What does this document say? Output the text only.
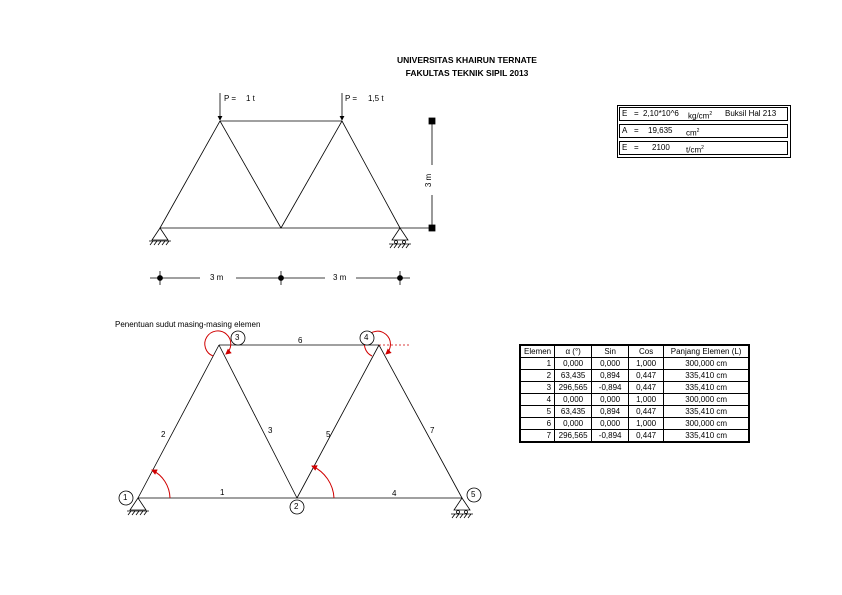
UNIVERSITAS KHAIRUN TERNATE
FAKULTAS TEKNIK SIPIL 2013
P = 1 t	P = 1,5 t
3 m
3 m	3 m
E = 2,10*10^6 $kg/cm^2$ Buksil Hal 213
A = 19,635 $cm^2$
E = 2100 $t/cm^2$
Penentuan sudut masing-masing elemen
1
2
3	4
5
1
2	3
4
5
6
7
Elemen	α (°)	Sin	Cos	Panjang Elemen (L)
1	0,000	0,000	1,000	300,000 cm
2	63,435	0,894	0,447	335,410 cm
3	296,565	-0,894	0,447	335,410 cm
4	0,000	0,000	1,000	300,000 cm
5	63,435	0,894	0,447	335,410 cm
6	0,000	0,000	1,000	300,000 cm
7	296,565	-0,894	0,447	335,410 cm
